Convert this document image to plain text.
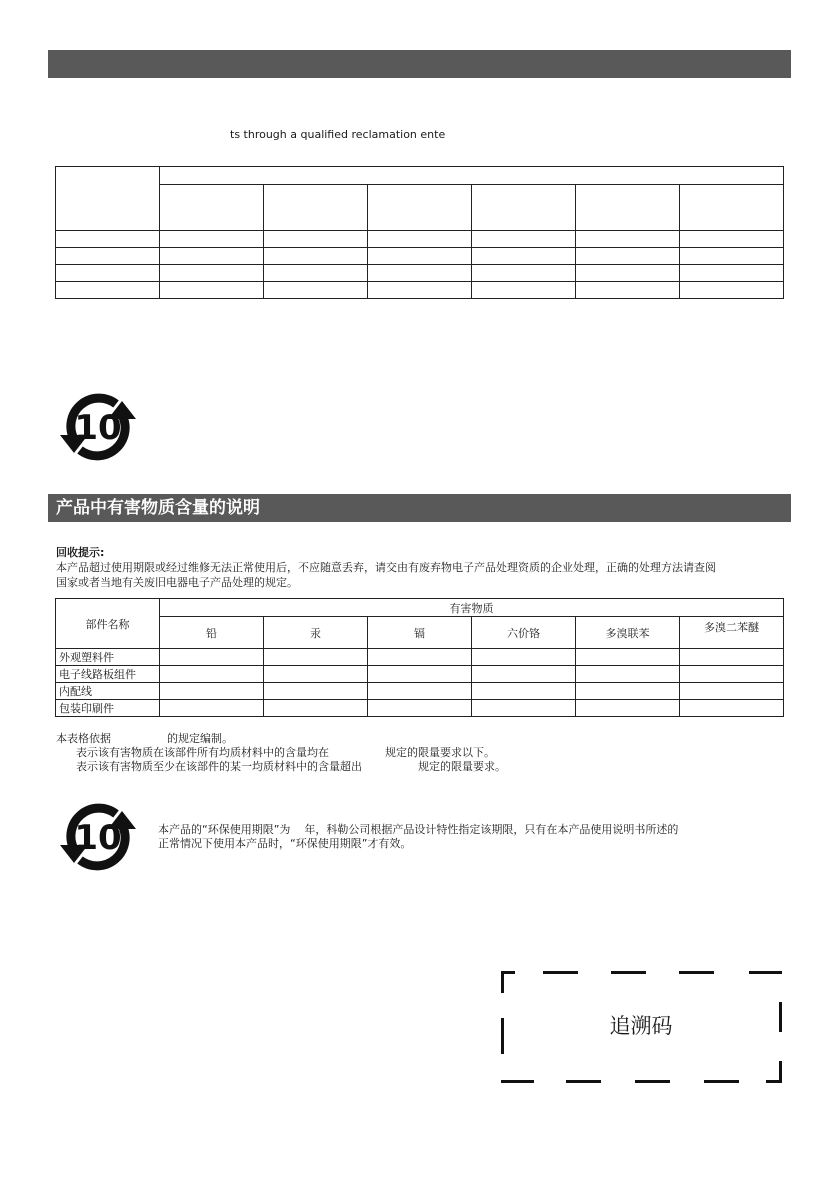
ts through a qualified reclamation ente

10
产品中有害物质含量的说明
回收提示:
本产品超过使用期限或经过维修无法正常使用后，不应随意丢弃，请交由有废弃物电子产品处理资质的企业处理，正确的处理方法请查阅
国家或者当地有关废旧电器电子产品处理的规定。
部件名称	有害物质					
	铅	汞	镉	六价铬	多溴联苯	多溴二苯醚
外观塑料件						
电子线路板组件						
内配线						
包装印刷件						
本表格依据                的规定编制。
表示该有害物质在该部件所有均质材料中的含量均在                规定的限量要求以下。
表示该有害物质至少在该部件的某一均质材料中的含量超出                规定的限量要求。
10	本产品的“环保使用期限”为    年，科勒公司根据产品设计特性指定该期限，只有在本产品使用说明书所述的
正常情况下使用本产品时，“环保使用期限”才有效。
追溯码
